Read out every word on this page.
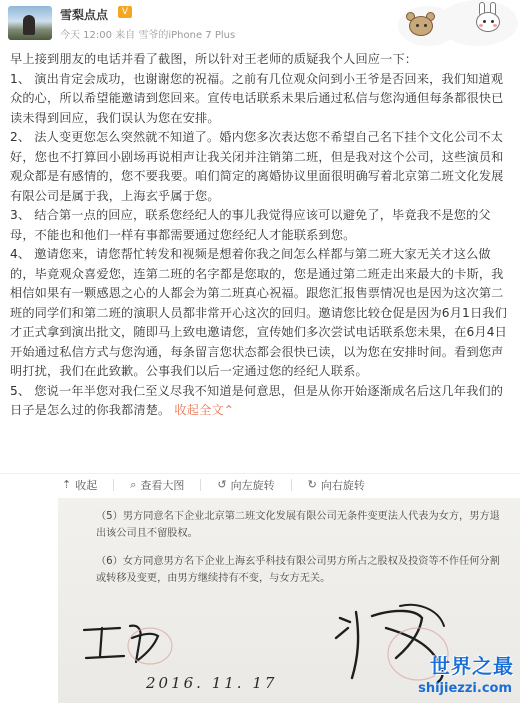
雪梨点点	V
今天 12:00 来自 雪爷的iPhone 7 Plus

早上接到朋友的电话并看了截图，所以针对王老师的质疑我个人回应一下：

1、 演出肯定会成功，也谢谢您的祝福。之前有几位观众问到小王爷是否回来，我们知道观众的心，所以希望能邀请到您回来。宣传电话联系未果后通过私信与您沟通但每条都很快已读未得到回应，我们误认为您在安排。

2、 法人变更您怎么突然就不知道了。婚内您多次表达您不希望自己名下挂个文化公司不太好，您也不打算回小剧场再说相声让我关闭并注销第二班，但是我对这个公司，这些演员和观众都是有感情的，您不要我要。咱们简定的离婚协议里面很明确写着北京第二班文化发展有限公司是属于我，上海玄乎属于您。

3、 结合第一点的回应，联系您经纪人的事儿我觉得应该可以避免了，毕竟我不是您的父母，不能也和他们一样有事都需要通过您经纪人才能联系到您。

4、 邀请您来，请您帮忙转发和视频是想着你我之间怎么样都与第二班大家无关才这么做的，毕竟观众喜爱您，连第二班的名字都是您取的，您是通过第二班走出来最大的卡斯，我相信如果有一颗感恩之心的人都会为第二班真心祝福。跟您汇报售票情况也是因为这次第二班的同学们和第二班的演职人员都非常开心这次的回归。邀请您比较仓促是因为6月1日我们才正式拿到演出批文，随即马上致电邀请您，宣传她们多次尝试电话联系您未果，在6月4日开始通过私信方式与您沟通，每条留言您状态都会很快已读，以为您在安排时间。看到您声明打扰，我们在此致歉。公事我们以后一定通过您的经纪人联系。

5、 您说一年半您对我仁至义尽我不知道是何意思，但是从你开始逐渐成名后这几年我们的日子是怎么过的你我都清楚。 收起全文⌃

⇡ 收起	⌕ 查看大图	↺ 向左旋转	↻ 向右旋转
（5）男方同意名下企业北京第二班文化发展有限公司无条件变更法人代表为女方，男方退
出该公司且不留股权。
（6）女方同意男方名下企业上海玄乎科技有限公司男方所占之股权及投资等不作任何分割
或转移及变更，由男方继续持有不变，与女方无关。
2016. 11. 17
世界之最
shijiezzi.com
